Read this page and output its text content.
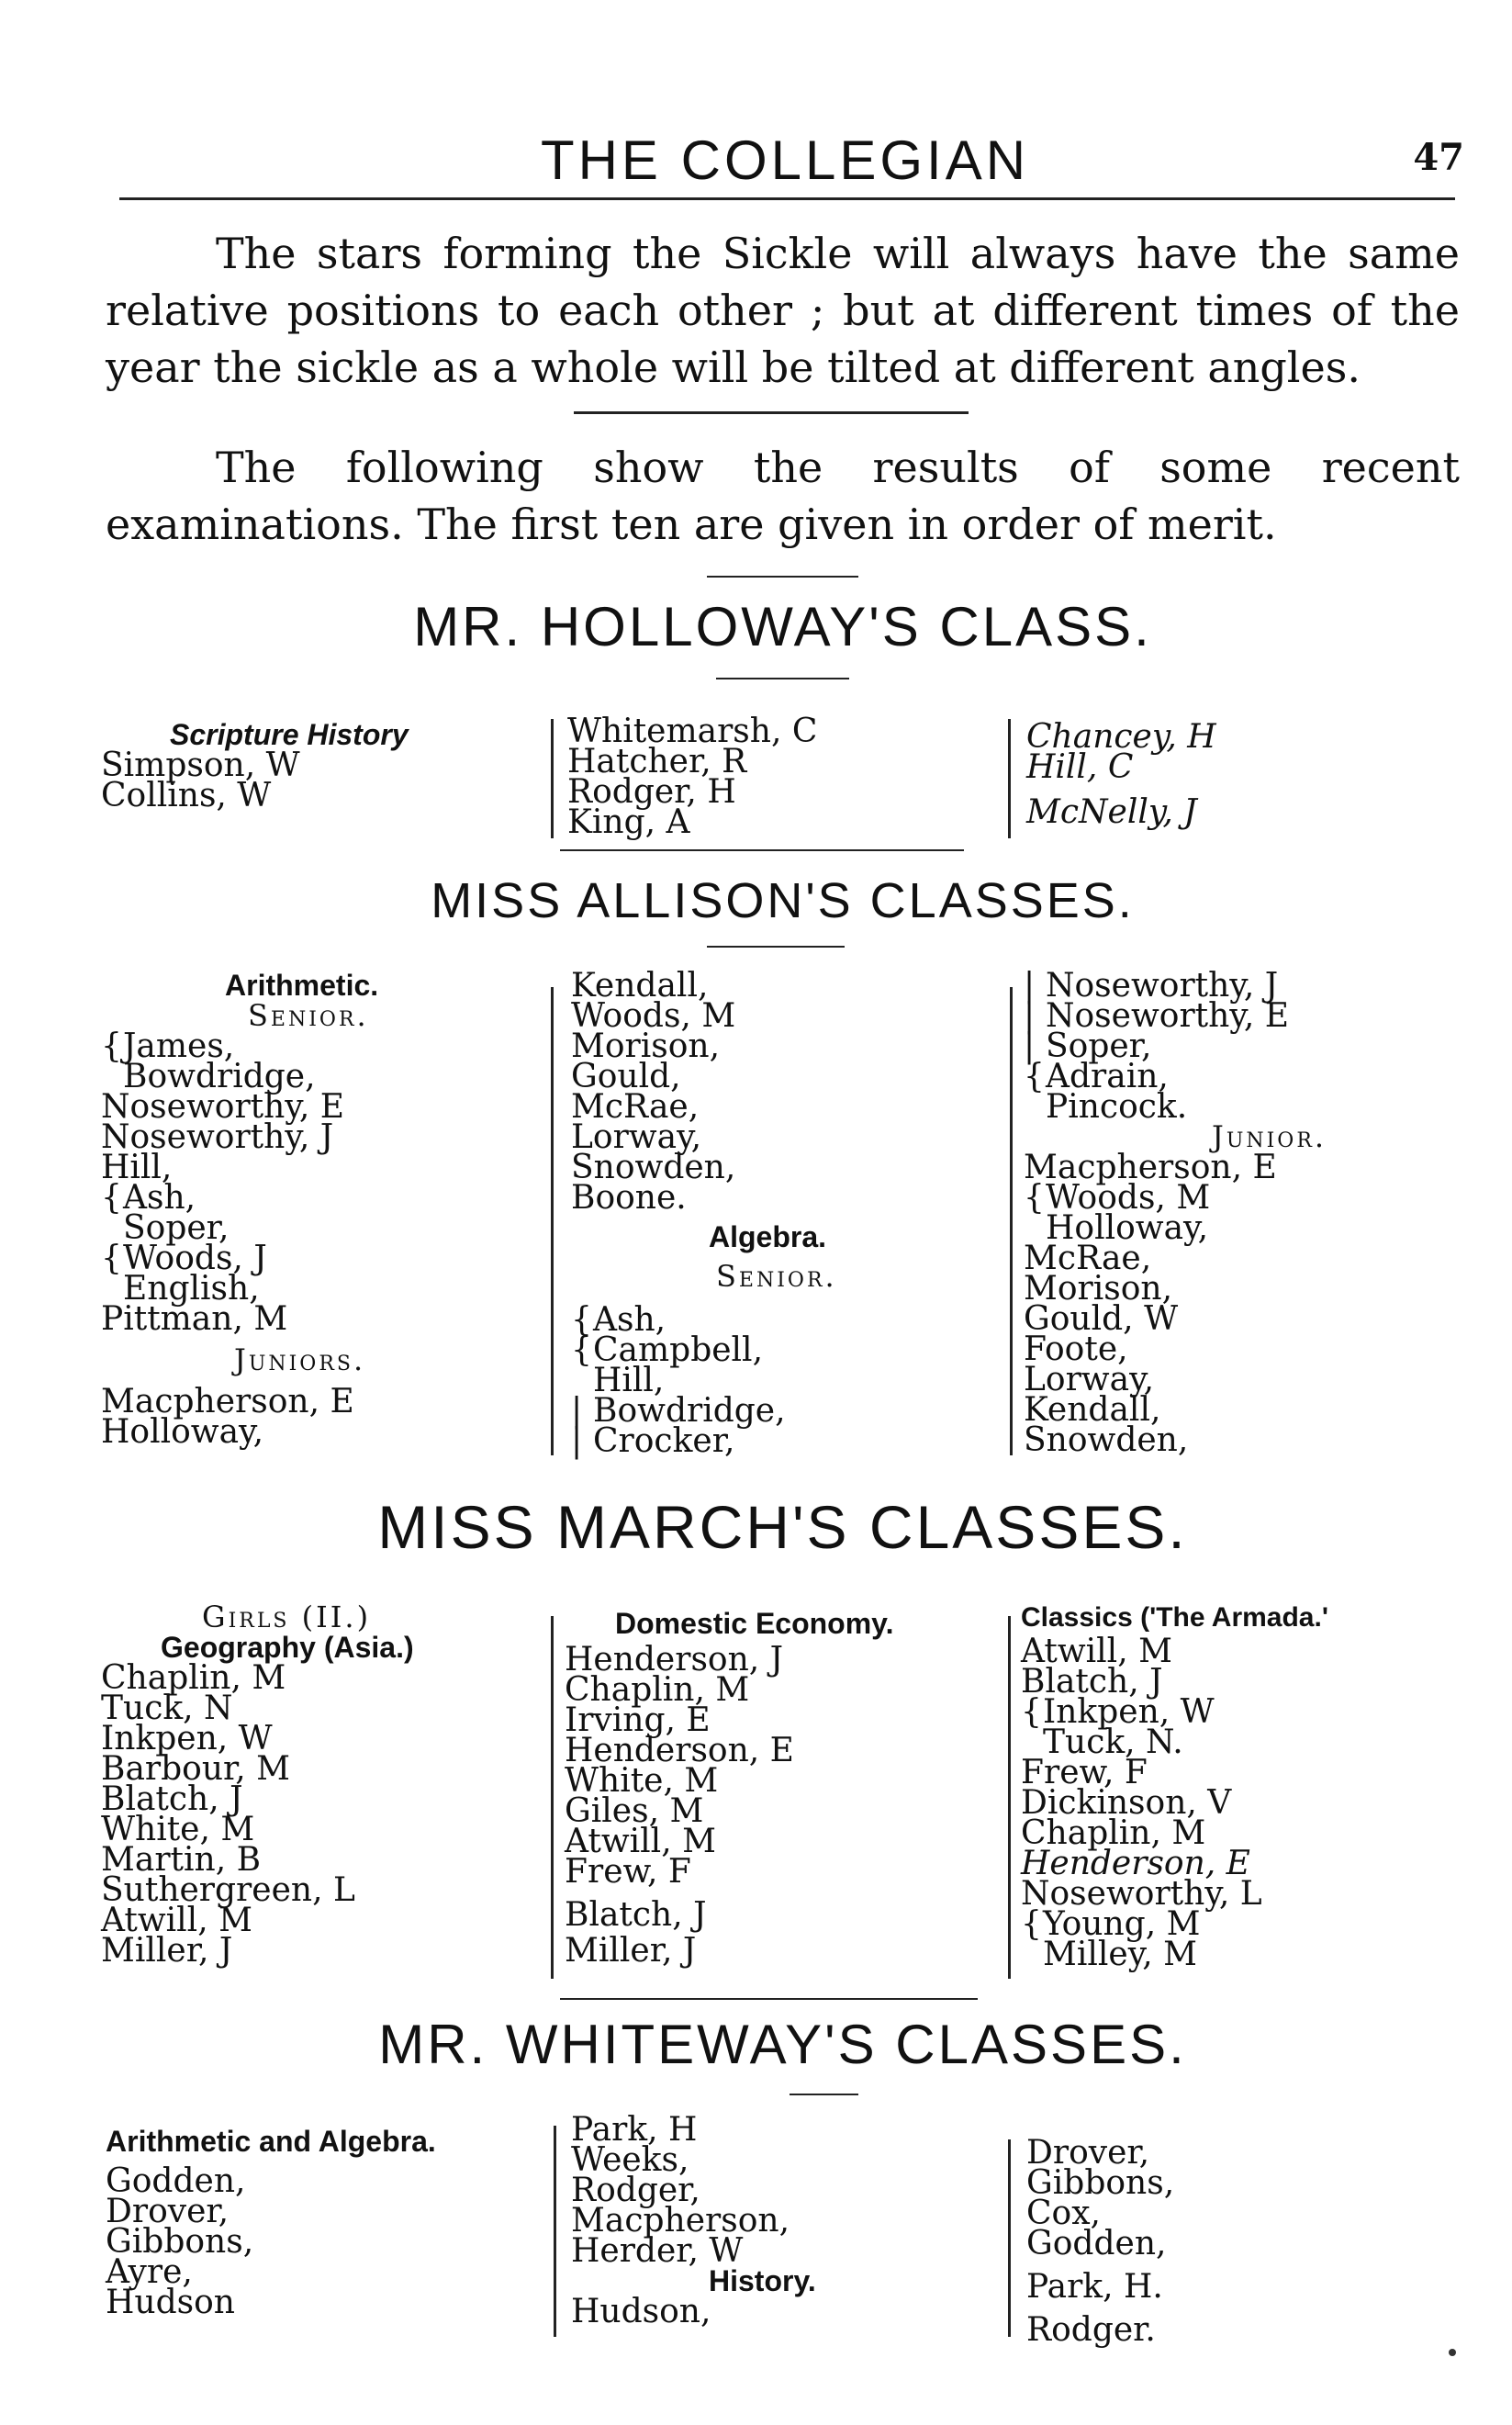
THE COLLEGIAN	47
The stars forming the Sickle will always have the same relative positions to each other ; but at different times of the year the sickle as a whole will be tilted at different angles.
The following show the results of some recent examinations. The first ten are given in order of merit.
MR. HOLLOWAY'S CLASS.
Scripture History
Simpson, W
Collins, W
Whitemarsh, C
Hatcher, R
Rodger, H
King, A
Chancey, H
Hill, C
McNelly, J
MISS ALLISON'S CLASSES.
Arithmetic.
Senior.
{James,
Bowdridge,
Noseworthy, E
Noseworthy, J
Hill,
{Ash,
Soper,
{Woods, J
English,
Pittman, M
Juniors.
Macpherson, E
Holloway,
Kendall,
Woods, M
Morison,
Gould,
McRae,
Lorway,
Snowden,
Boone.
Algebra.
Senior.
{Ash,
{Campbell,
Hill,
| Bowdridge,
| Crocker,
| Noseworthy, J
| Noseworthy, E
| Soper,
{Adrain,
Pincock.
Junior.
Macpherson, E
{Woods, M
Holloway,
McRae,
Morison,
Gould, W
Foote,
Lorway,
Kendall,
Snowden,
MISS MARCH'S CLASSES.
Girls (II.)
Geography (Asia.)
Chaplin, M
Tuck, N
Inkpen, W
Barbour, M
Blatch, J
White, M
Martin, B
Suthergreen, L
Atwill, M
Miller, J
Domestic Economy.
Henderson, J
Chaplin, M
Irving, E
Henderson, E
White, M
Giles, M
Atwill, M
Frew, F
Blatch, J
Miller, J
Classics ('The Armada.'
Atwill, M
Blatch, J
{Inkpen, W
Tuck, N.
Frew, F
Dickinson, V
Chaplin, M
Henderson, E
Noseworthy, L
{Young, M
Milley, M
MR. WHITEWAY'S CLASSES.
Arithmetic and Algebra.
Godden,
Drover,
Gibbons,
Ayre,
Hudson
Park, H
Weeks,
Rodger,
Macpherson,
Herder, W
History.
Hudson,
Drover,
Gibbons,
Cox,
Godden,
Park, H.
Rodger.
